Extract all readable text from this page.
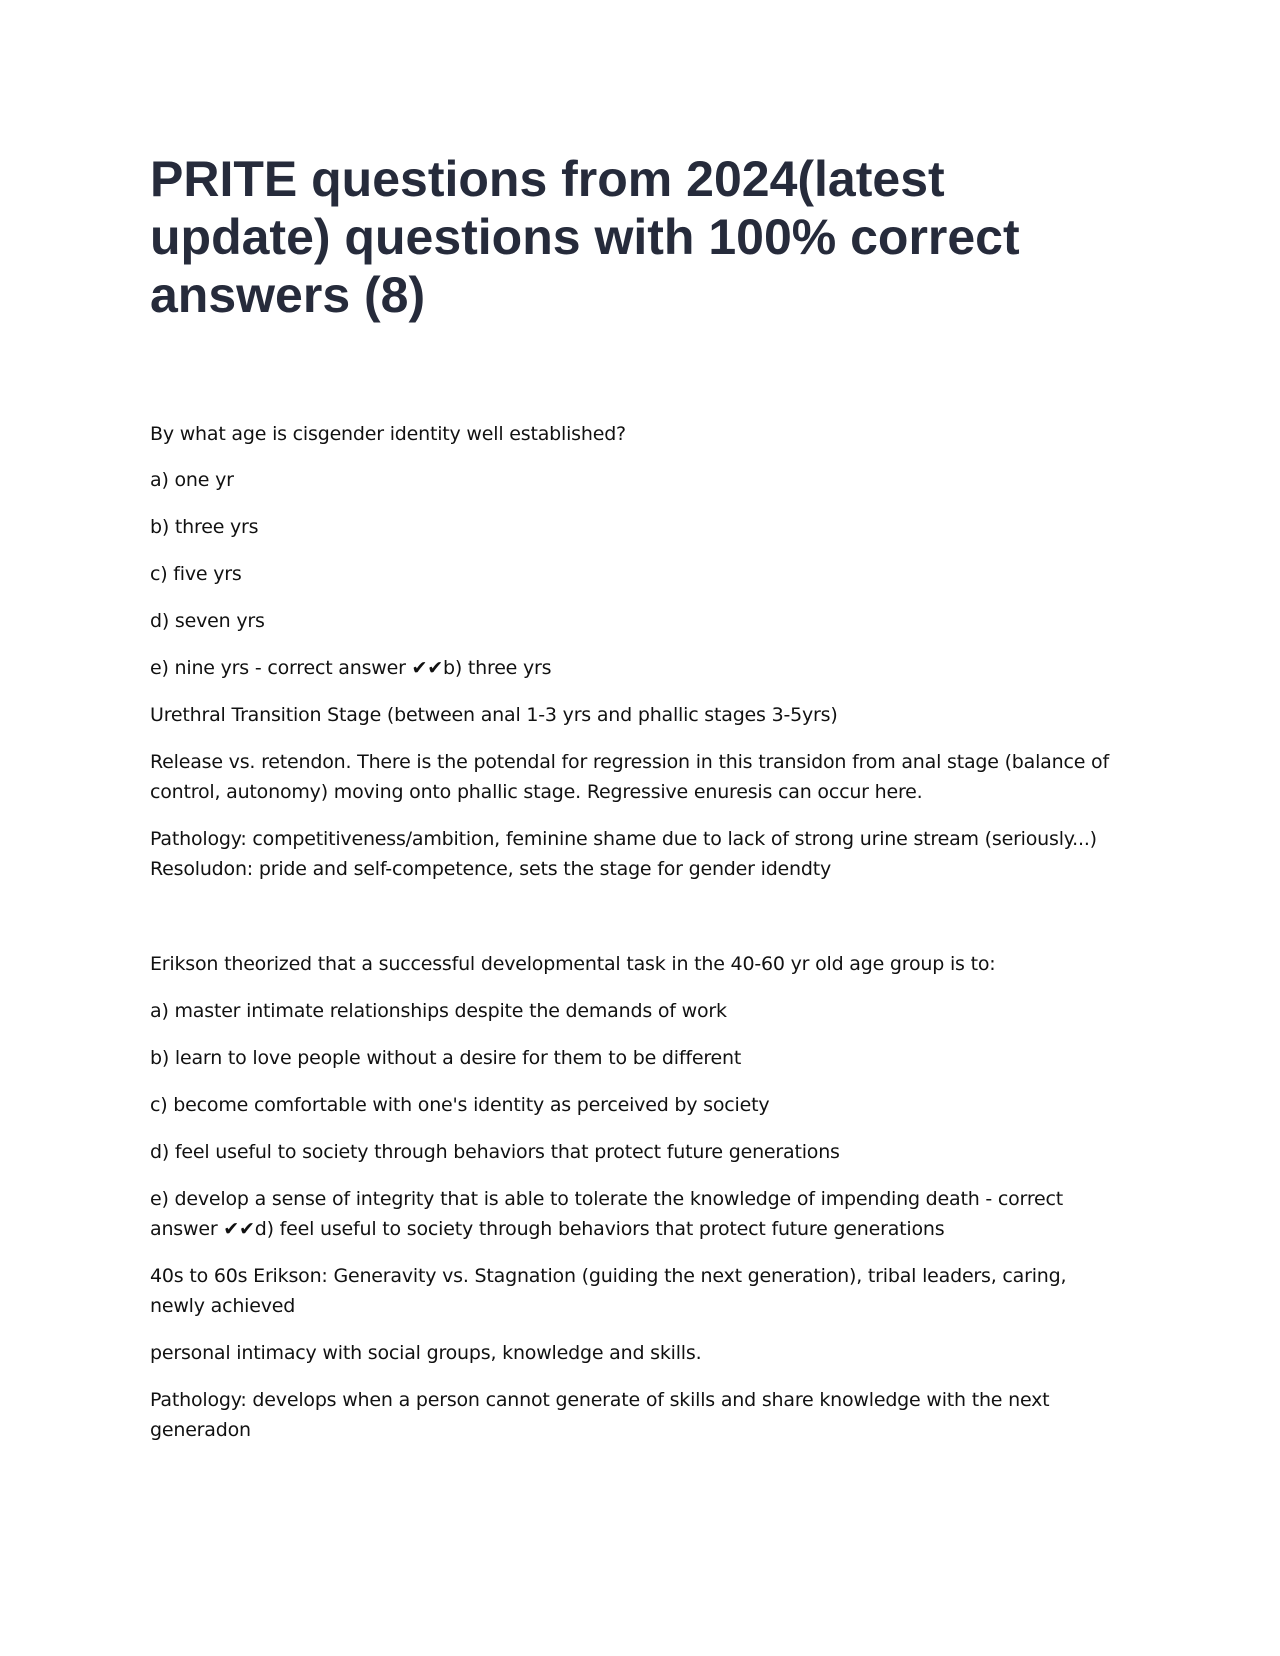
PRITE questions from 2024(latest update) questions with 100% correct answers (8)

By what age is cisgender identity well established?

a) one yr

b) three yrs

c) five yrs

d) seven yrs

e) nine yrs - correct answer ✔✔b) three yrs

Urethral Transition Stage (between anal 1-3 yrs and phallic stages 3-5yrs)

Release vs. retendon. There is the potendal for regression in this transidon from anal stage (balance of control, autonomy) moving onto phallic stage. Regressive enuresis can occur here.

Pathology: competitiveness/ambition, feminine shame due to lack of strong urine stream (seriously...)

Resoludon: pride and self-competence, sets the stage for gender idendty

Erikson theorized that a successful developmental task in the 40-60 yr old age group is to:

a) master intimate relationships despite the demands of work

b) learn to love people without a desire for them to be different

c) become comfortable with one's identity as perceived by society

d) feel useful to society through behaviors that protect future generations

e) develop a sense of integrity that is able to tolerate the knowledge of impending death - correct answer ✔✔d) feel useful to society through behaviors that protect future generations

40s to 60s Erikson: Generavity vs. Stagnation (guiding the next generation), tribal leaders, caring, newly achieved

personal intimacy with social groups, knowledge and skills.

Pathology: develops when a person cannot generate of skills and share knowledge with the next generadon
